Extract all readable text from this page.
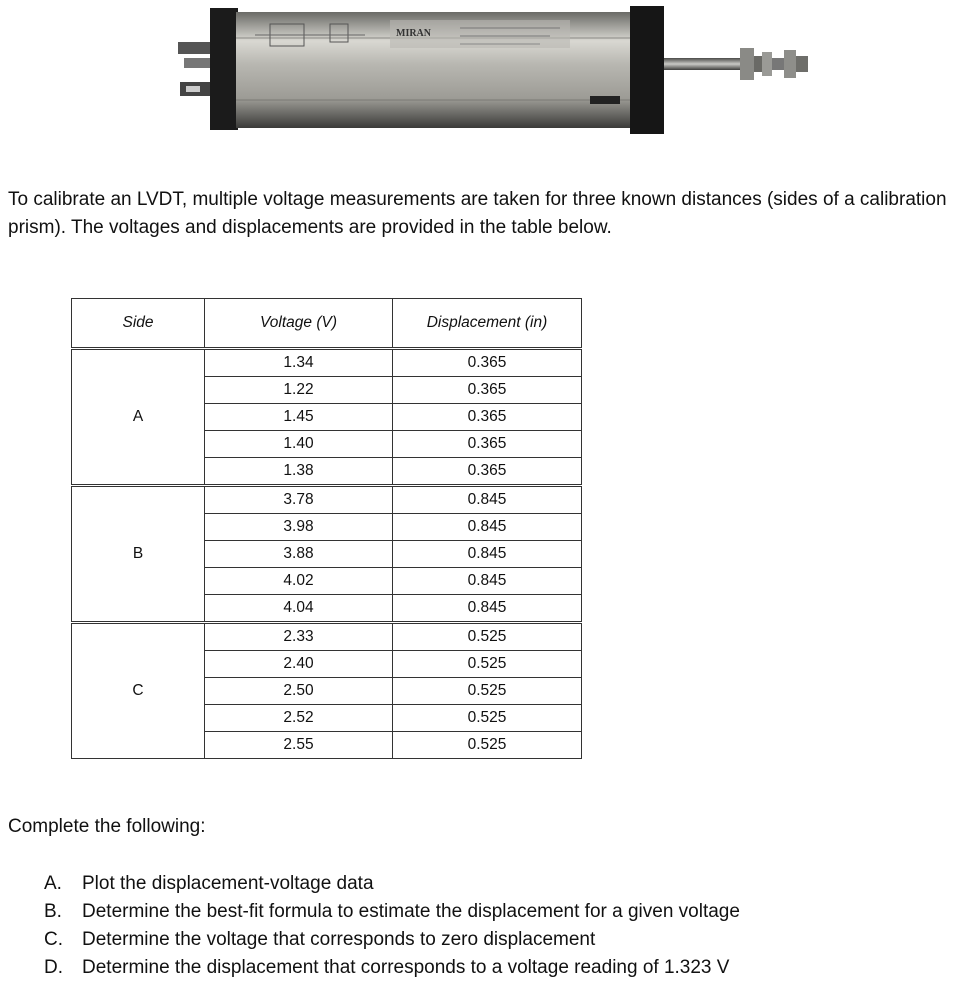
MIRAN

To calibrate an LVDT, multiple voltage measurements are taken for three known distances (sides of a calibration prism). The voltages and displacements are provided in the table below.

Side	Voltage (V)	Displacement (in)
A	1.34	0.365
	1.22	0.365
	1.45	0.365
	1.40	0.365
	1.38	0.365
B	3.78	0.845
	3.98	0.845
	3.88	0.845
	4.02	0.845
	4.04	0.845
C	2.33	0.525
	2.40	0.525
	2.50	0.525
	2.52	0.525
	2.55	0.525

Complete the following:

A.	Plot the displacement-voltage data
B.	Determine the best-fit formula to estimate the displacement for a given voltage
C.	Determine the voltage that corresponds to zero displacement
D.	Determine the displacement that corresponds to a voltage reading of 1.323 V
